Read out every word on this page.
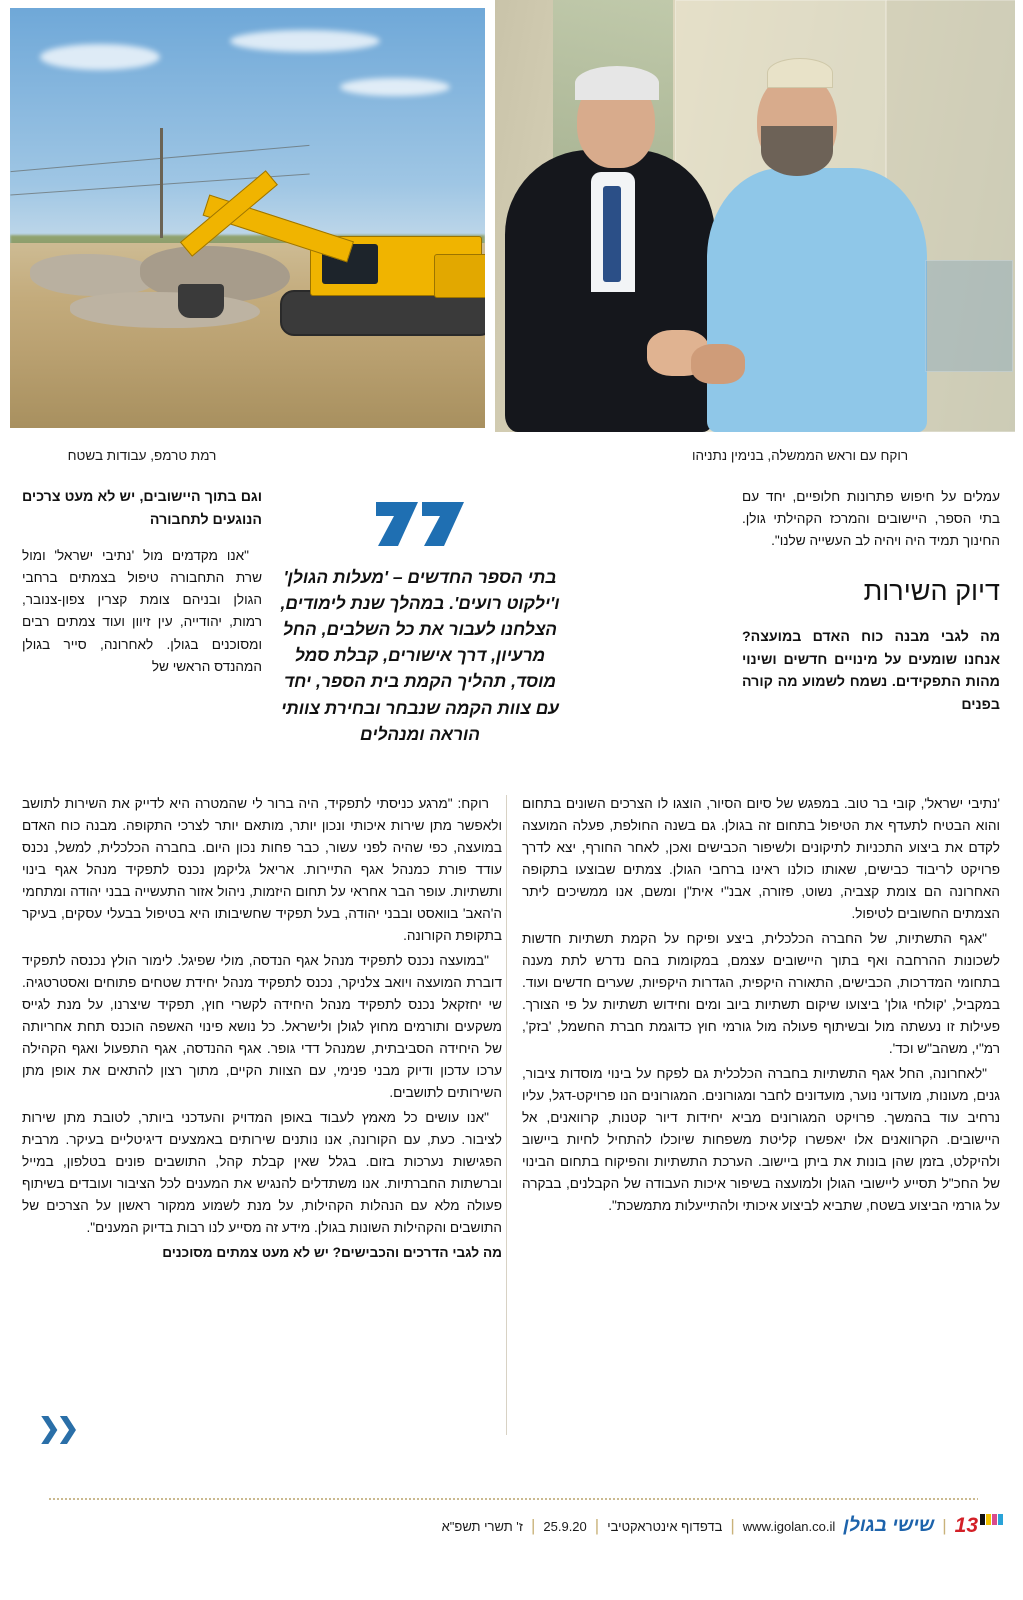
רמת טרמפ, עבודות בשטח	רוקח עם וראש הממשלה, בנימין נתניהו
וגם בתוך היישובים, יש לא מעט צרכים הנוגעים לתחבורה

"אנו מקדמים מול 'נתיבי ישראל' ומול שרת התחבורה טיפול בצמתים ברחבי הגולן ובניהם צומת קצרין צפון-צנובר, רמות, יהודייה, עין זיוון ועוד צמתים רבים ומסוכנים בגולן. לאחרונה, סייר בגולן המהנדס הראשי של

בתי הספר החדשים – 'מעלות הגולן' ו'ילקוט רועים'. במהלך שנת לימודים, הצלחנו לעבור את כל השלבים, החל מרעיון, דרך אישורים, קבלת סמל מוסד, תהליך הקמת בית הספר, יחד עם צוות הקמה שנבחר ובחירת צוותי הוראה ומנהלים

עמלים על חיפוש פתרונות חלופיים, יחד עם בתי הספר, היישובים והמרכז הקהילתי גולן. החינוך תמיד היה ויהיה לב העשייה שלנו".

דיוק השירות
מה לגבי מבנה כוח האדם במועצה? אנחנו שומעים על מינויים חדשים ושינוי מהות התפקידים. נשמח לשמוע מה קורה בפנים

רוקח: "מרגע כניסתי לתפקיד, היה ברור לי שהמטרה היא לדייק את השירות לתושב ולאפשר מתן שירות איכותי ונכון יותר, מותאם יותר לצרכי התקופה. מבנה כוח האדם במועצה, כפי שהיה לפני עשור, כבר פחות נכון היום. בחברה הכלכלית, למשל, נכנס עודד פורת כמנהל אגף התיירות. אריאל גליקמן נכנס לתפקיד מנהל אגף בינוי ותשתיות. עופר הבר אחראי על תחום היזמות, ניהול אזור התעשייה בבני יהודה ומתחמי ה'האב' בוואסט ובבני יהודה, בעל תפקיד שחשיבותו היא בטיפול בבעלי עסקים, בעיקר בתקופת הקורונה.

"במועצה נכנס לתפקיד מנהל אגף הנדסה, מולי שפיגל. לימור הולץ נכנסה לתפקיד דוברת המועצה ויואב צלניקר, נכנס לתפקיד מנהל יחידת שטחים פתוחים ואסטרטגיה. שי יחזקאל נכנס לתפקיד מנהל היחידה לקשרי חוץ, תפקיד שיצרנו, על מנת לגייס משקעים ותורמים מחוץ לגולן ולישראל. כל נושא פינוי האשפה הוכנס תחת אחריותה של היחידה הסביבתית, שמנהל דדי גופר. אגף ההנדסה, אגף התפעול ואגף הקהילה ערכו עדכון ודיוק מבני פנימי, עם הצוות הקיים, מתוך רצון להתאים את אופן מתן השירותים לתושבים.

"אנו עושים כל מאמץ לעבוד באופן המדויק והעדכני ביותר, לטובת מתן שירות לציבור. כעת, עם הקורונה, אנו נותנים שירותים באמצעים דיגיטליים בעיקר. מרבית הפגישות נערכות בזום. בגלל שאין קבלת קהל, התושבים פונים בטלפון, במייל וברשתות החברתיות. אנו משתדלים להנגיש את המענים לכל הציבור ועובדים בשיתוף פעולה מלא עם הנהלות הקהילות, על מנת לשמוע ממקור ראשון על הצרכים של התושבים והקהילות השונות בגולן. מידע זה מסייע לנו רבות בדיוק המענים".

מה לגבי הדרכים והכבישים? יש לא מעט צמתים מסוכנים

'נתיבי ישראל', קובי בר טוב. במפגש של סיום הסיור, הוצגו לו הצרכים השונים בתחום והוא הבטיח לתעדף את הטיפול בתחום זה בגולן. גם בשנה החולפת, פעלה המועצה לקדם את ביצוע התכניות לתיקונים ולשיפור הכבישים ואכן, לאחר החורף, יצא לדרך פרויקט לריבוד כבישים, שאותו כולנו ראינו ברחבי הגולן. צמתים שבוצעו בתקופה האחרונה הם צומת קצביה, נשוט, פזורה, אבנ"י אית"ן ומשם, אנו ממשיכים ליתר הצמתים החשובים לטיפול.

"אגף התשתיות, של החברה הכלכלית, ביצע ופיקח על הקמת תשתיות חדשות לשכונות ההרחבה ואף בתוך היישובים עצמם, במקומות בהם נדרש לתת מענה בתחומי המדרכות, הכבישים, התאורה היקפית, הגדרות היקפיות, שערים חדשים ועוד. במקביל, 'קולחי גולן' ביצועו שיקום תשתיות ביוב ומים וחידוש תשתיות על פי הצורך. פעילות זו נעשתה מול ובשיתוף פעולה מול גורמי חוץ כדוגמת חברת החשמל, 'בזק', רמ"י, משהב"ש וכד'.

"לאחרונה, החל אגף התשתיות בחברה הכלכלית גם לפקח על בינוי מוסדות ציבור, גנים, מעונות, מועדוני נוער, מועדונים לחבר ומגורונים. המגורונים הנו פרויקט-דגל, עליו נרחיב עוד בהמשך. פרויקט המגורונים מביא יחידות דיור קטנות, קרוואנים, אל היישובים. הקרוואנים אלו יאפשרו קליטת משפחות שיוכלו להתחיל לחיות ביישוב ולהיקלט, בזמן שהן בונות את ביתן ביישוב. הערכת התשתיות והפיקוח בתחום הבינוי של החכ"ל תסייע ליישובי הגולן ולמועצה בשיפור איכות העבודה של הקבלנים, בבקרה על גורמי הביצוע בשטח, שתביא לביצוע איכותי ולהתייעלות מתמשכת".

❮❮
13
|
שישי בגולן
www.igolan.co.il
|
בדפדוף אינטראקטיבי
|
25.9.20
|
ז' תשרי תשפ"א
